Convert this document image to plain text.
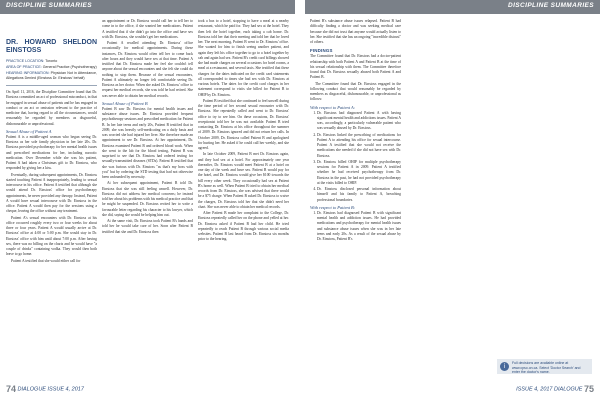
DISCIPLINE SUMMARIES	DISCIPLINE SUMMARIES
DR. HOWARD SHELDON EINSTOSS
PRACTICE LOCATION: Toronto
AREA OF PRACTICE: General Practice (Psychotherapy)
HEARING INFORMATION: Physician Not in Attendance, Allegations Denied (Einstoss Dr. Einstoss' behalf)

On April 11, 2016, the Discipline Committee found that Dr. Einstoss committed an act of professional misconduct, in that he engaged in sexual abuse of patients and he has engaged in conduct or an act or omission relevant to the practice of medicine that, having regard to all the circumstances, would reasonably be regarded by members as disgraceful, dishonourable or unprofessional.

Sexual Abuse of Patient A

Patient A is a middle-aged woman who began seeing Dr. Einstoss as her sole family physician in her late 20s. Dr. Einstoss provided psychotherapy for her mental health issues and prescribed medications for her, including narcotic medication. Over December while she was his patient, Patient A had taken a Christmas gift to Dr. Einstoss, who responded by giving her a kiss.

Eventually, during subsequent appointments, Dr. Einstoss started touching Patient A inappropriately, leading to sexual intercourse in his office. Patient A testified that although she would attend Dr. Einstoss' office for psychotherapy appointments, he never provided any therapy. Instead, Patient A would have sexual intercourse with Dr. Einstoss in the office. Patient A would then pay for the sessions using a cheque, leaving the office without any treatment.

Patient A's sexual encounters with Dr. Einstoss at his office occurred roughly every two or four weeks for about three or four years. Patient A would usually arrive at Dr. Einstoss' office at 4:00 or 5:00 p.m. She would stay in Dr. Einstoss' office with him until about 7:00 p.m. After having sex, there was no billing on the charts and he would have "a couple of drinks" containing vodka. They would then both leave to go home.

Patient A testified that she would either call for

an appointment or Dr. Einstoss would call her to tell her to come in to the office, if she wanted her medications. Patient A testified that if she didn't go into the office and have sex with Dr. Einstoss, she wouldn't get her medications.

Patient A recalled attending Dr. Einstoss' office occasionally for medical appointments. During these instances, Dr. Einstoss would often tell her to come back after hours and they would have sex at that time. Patient A testified that Dr. Einstoss made her feel she couldn't tell anyone about the sexual encounters and she felt she could do nothing to stop them. Because of the sexual encounters, Patient A ultimately no longer felt comfortable seeing Dr. Einstoss as her doctor. When she asked Dr. Einstoss' office to request her medical records, she was told he had retired. She was never able to obtain her medical records.

Sexual Abuse of Patient B

Patient B saw Dr. Einstoss for mental health issues and substance abuse issues. Dr. Einstoss provided frequent psychotherapy sessions and prescribed medication for Patient B. In her late teens and early 20s, Patient B testified that in 2009, she was heavily self-medicating on a daily basis and was worried she had injured her liver. She therefore made an appointment to see Dr. Einstoss. At her appointment, Dr. Einstoss examined Patient B and ordered blood work. When she went to the lab for the blood testing, Patient B was surprised to see that Dr. Einstoss had ordered testing for sexually-transmitted diseases (STDs). Patient B testified that she was furious with Dr. Einstoss "as that's my boss with you" but by ordering the STD testing that had not otherwise been unfounded by necessity.

At her subsequent appointment, Patient B told Dr. Einstoss that she was still feeling unwell. However, Dr. Einstoss did not address her medical concerns; he instead told her about his problems with his medical practice and that he might be suspended. Dr. Einstoss recited her to write a favourable letter regarding his character to his lawyer, which she did, saying she would be helping him out.

At the same visit, Dr. Einstoss took Patient B's hands and told her he would take care of her. Soon after Patient B testified that she and Dr. Einstoss then

took a bus to a hotel, stopping to have a meal at a nearby restaurant, which he paid for. They had sex at the hotel. They then left the hotel together, each taking a cab home. Dr. Einstoss told her that their meeting and told her that he loved her. The next morning, Patient B went to Dr. Einstoss' office. She wanted for him to finish seeing another patient, and again they left his office together to go to a hotel together by cab and again had sex. Patient B's credit card billings showed she had made charges on several occasions for hotel rooms, a meal at a restaurant, and several taxis. She testified that these charges for the dates indicated on the credit card statements all corresponded to times she had sex with Dr. Einstoss at various hotels. The dates for the credit card charges in her statement correspond to visits she billed for Patient B to OHIP by Dr. Einstoss.

Patient B testified that she continued to feel unwell during the time period of her second sexual encounter with Dr. Einstoss. She repeatedly called and went to Dr. Einstoss' office to try to see him. On these occasions, Dr. Einstoss' receptionist told her he was not available. Patient B tried contacting Dr. Einstoss at his office throughout the summer of 2009. Dr. Einstoss ignored and did not return her calls. In October 2009, Dr. Einstoss called Patient B and apologized for hurting her. He asked if he could call her weekly, and she agreed.

In late October 2009, Patient B met Dr. Einstoss again, and they had sex at a hotel. For approximately one year thereafter, Dr. Einstoss would meet Patient B at a hotel on one day of the week and have sex. Patient B would pay for the hotel, and Dr. Einstoss would give her $100 towards the bill every other week. They occasionally had sex at Patient B's home as well. When Patient B tried to obtain her medical records from Dr. Einstoss, she was advised that there would be a $75 charge. When Patient B asked Dr. Einstoss to waive the charges, Dr. Einstoss told her that she didn't need her chart. She was never able to obtain her medical records.

After Patient B made her complaint to the College, Dr. Einstoss repeatedly called her on the phone and yelled at her. Dr. Einstoss asked if Patient B had her child. He tried repeatedly to reach Patient B through various social media websites. Patient B last heard from Dr. Einstoss six months prior to the hearing.

Patient B's substance abuse issues relapsed. Patient B had difficulty finding a doctor and was seeking medical care because she did not trust that anyone would actually listen to her. She testified that she has an ongoing "incredible distrust" of others.

FINDINGS

The Committee found that Dr. Einstoss had a doctor-patient relationship with both Patient A and Patient B at the time of his sexual relationship with them. The Committee therefore found that Dr. Einstoss sexually abused both Patient A and Patient B.

The Committee found that Dr. Einstoss engaged in the following conduct that would reasonably be regarded by members as disgraceful, dishonourable, or unprofessional as follows:

With respect to Patient A:
1. Dr. Einstoss had diagnosed Patient A with having significant mental health and addictions issues. Patient A was, accordingly, a particularly vulnerable patient who was sexually abused by Dr. Einstoss.
2. Dr. Einstoss linked the prescribing of medications for Patient A to attending his office for sexual intercourse. Patient A testified that she would not receive the medications she needed if she did not have sex with Dr. Einstoss.
3. Dr. Einstoss billed OHIP for multiple psychotherapy sessions for Patient A in 2009. Patient A testified whether he had received psychotherapy from Dr. Einstoss in the past, he had not provided psychotherapy at the visits billed to OHIP.
4. Dr. Einstoss disclosed personal information about himself and his family to Patient A, breaching professional boundaries.
With respect to Patient B:
1. Dr. Einstoss had diagnosed Patient B with significant mental health and addiction issues. He had provided medications and psychotherapy for mental health issues and substance abuse issues when she was in her late teens and early 20s. As a result of the sexual abuse by Dr. Einstoss, Patient B's
i	Full decisions are available online at www.cpso.on.ca. Select 'Doctor Search' and enter the doctor's name.
74 DIALOGUE ISSUE 4, 2017	ISSUE 4, 2017 DIALOGUE 75
